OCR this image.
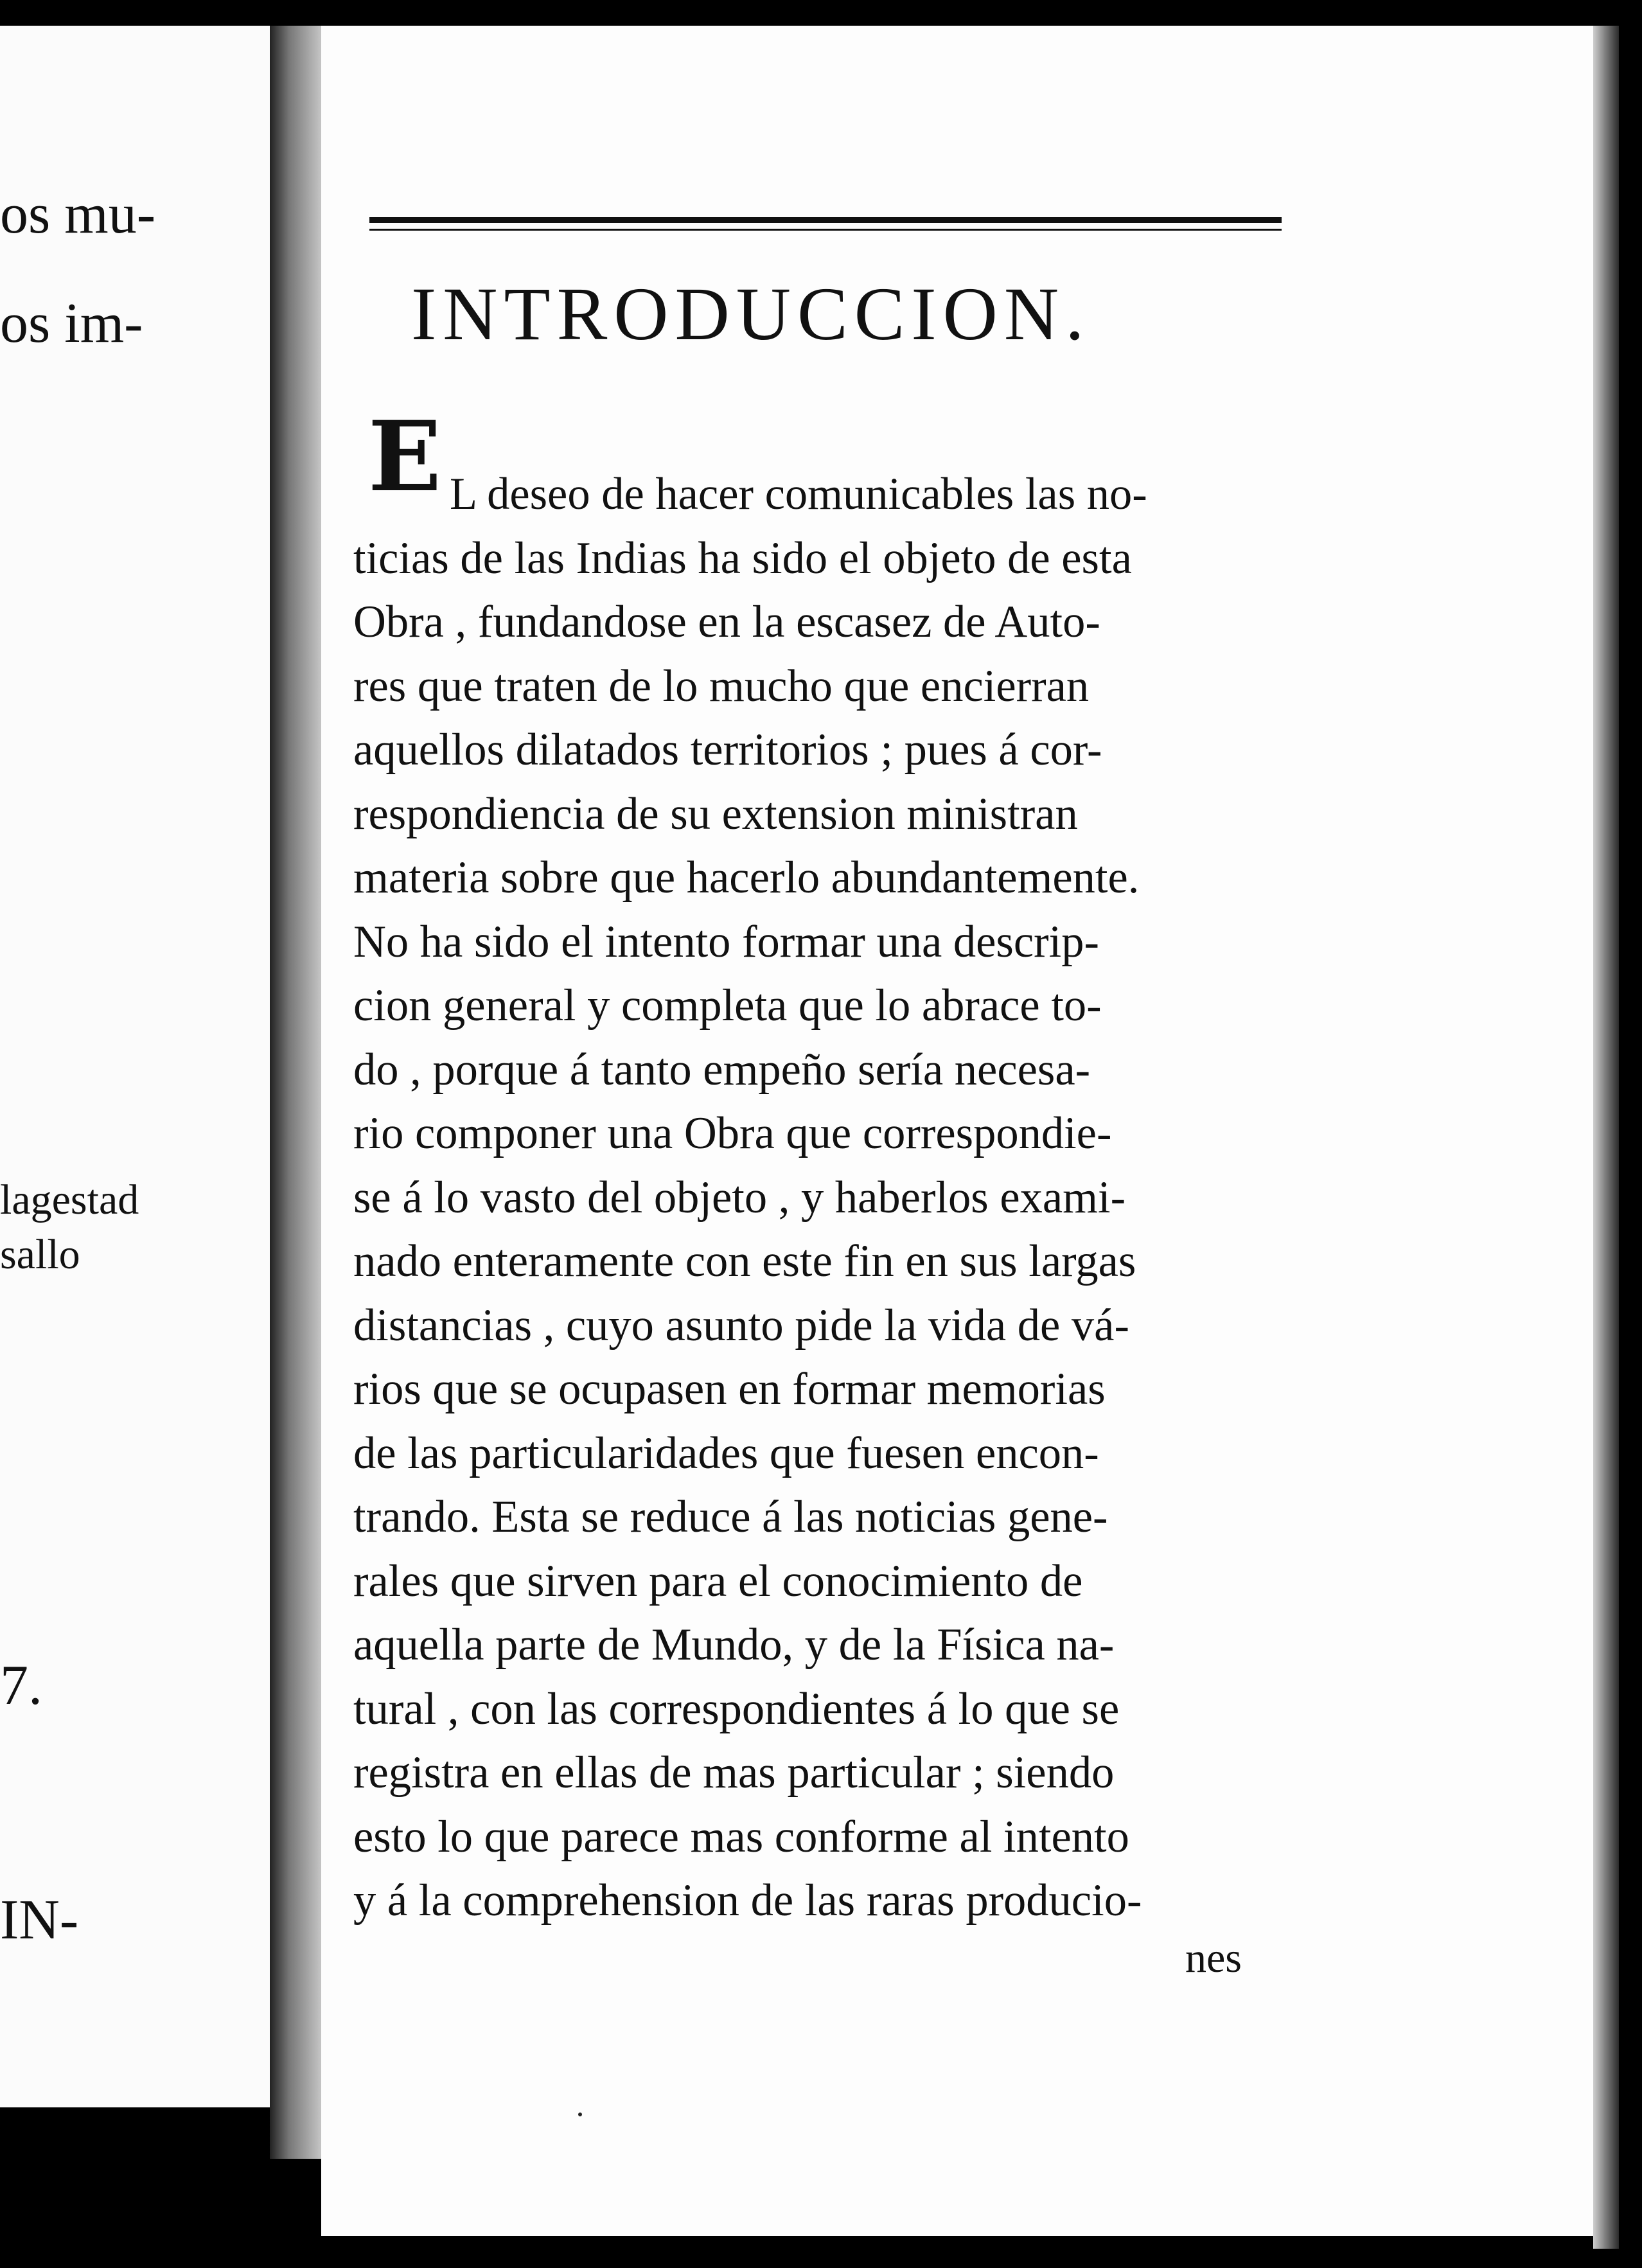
os mu-
os im-
lagestad
sallo
7.
IN-
INTRODUCCION.
E L deseo de hacer comunicables las no-
ticias de las Indias ha sido el objeto de esta
Obra , fundandose en la escasez de Auto-
res que traten de lo mucho que encierran
aquellos dilatados territorios ; pues á cor-
respondiencia de su extension ministran
materia sobre que hacerlo abundantemente.
No ha sido el intento formar una descrip-
cion general y completa que lo abrace to-
do , porque á tanto empeño sería necesa-
rio componer una Obra que correspondie-
se á lo vasto del objeto , y haberlos exami-
nado enteramente con este fin en sus largas
distancias , cuyo asunto pide la vida de vá-
rios que se ocupasen en formar memorias
de las particularidades que fuesen encon-
trando. Esta se reduce á las noticias gene-
rales que sirven para el conocimiento de
aquella parte de Mundo, y de la Física na-
tural , con las correspondientes á lo que se
registra en ellas de mas particular ; siendo
esto lo que parece mas conforme al intento
y á la comprehension de las raras producio-
nes
